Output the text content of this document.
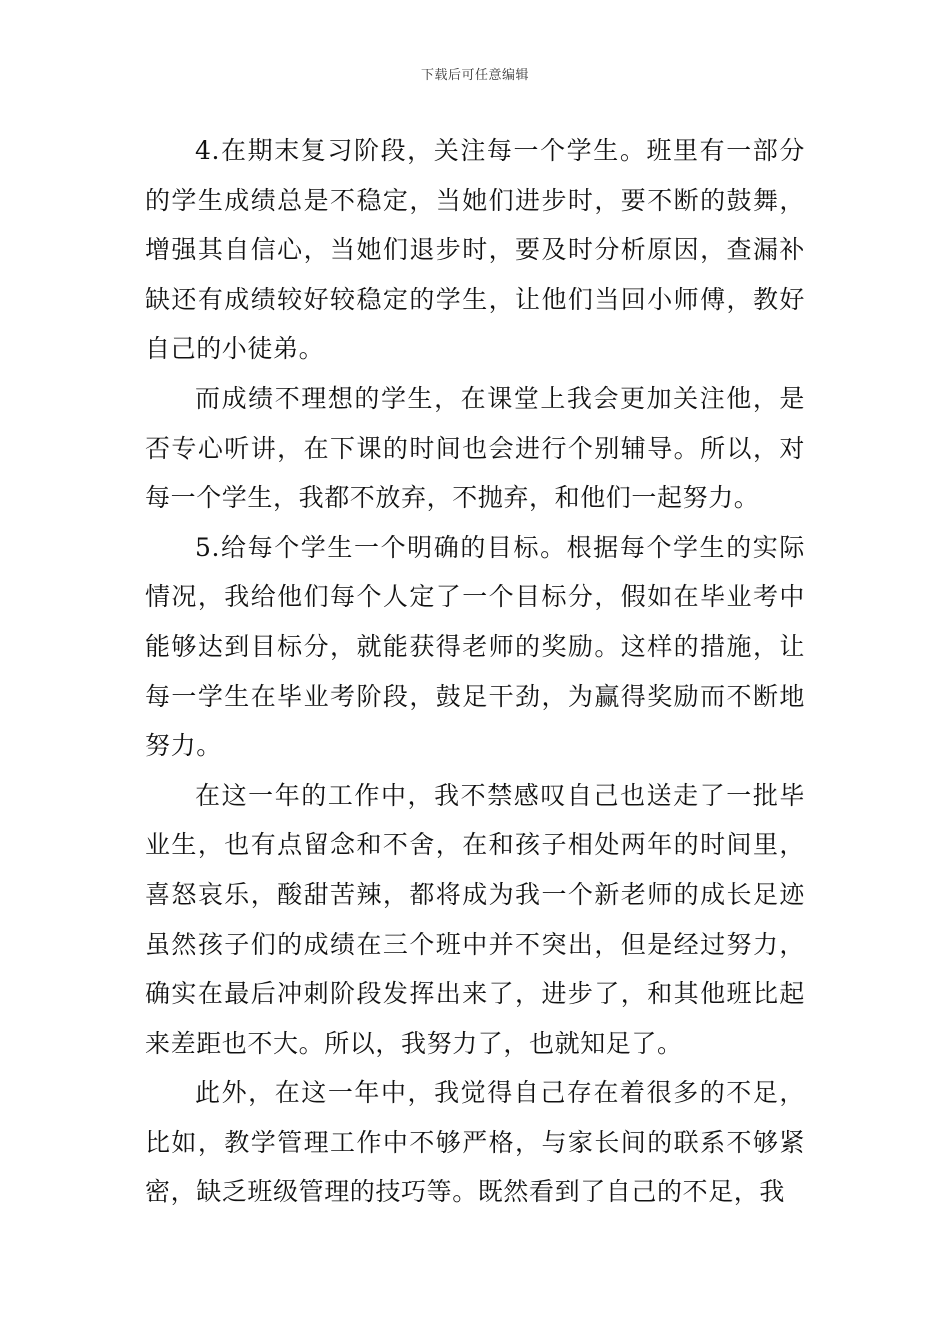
下载后可任意编辑

4.在期末复习阶段，关注每一个学生。班里有一部分的学生成绩总是不稳定，当她们进步时，要不断的鼓舞，增强其自信心，当她们退步时，要及时分析原因，查漏补缺还有成绩较好较稳定的学生，让他们当回小师傅，教好自己的小徒弟。

而成绩不理想的学生，在课堂上我会更加关注他，是否专心听讲，在下课的时间也会进行个别辅导。所以，对每一个学生，我都不放弃，不抛弃，和他们一起努力。

5.给每个学生一个明确的目标。根据每个学生的实际情况，我给他们每个人定了一个目标分，假如在毕业考中能够达到目标分，就能获得老师的奖励。这样的措施，让每一学生在毕业考阶段，鼓足干劲，为赢得奖励而不断地努力。

在这一年的工作中，我不禁感叹自己也送走了一批毕业生，也有点留念和不舍，在和孩子相处两年的时间里，喜怒哀乐，酸甜苦辣，都将成为我一个新老师的成长足迹虽然孩子们的成绩在三个班中并不突出，但是经过努力，确实在最后冲刺阶段发挥出来了，进步了，和其他班比起来差距也不大。所以，我努力了，也就知足了。

此外，在这一年中，我觉得自己存在着很多的不足，比如，教学管理工作中不够严格，与家长间的联系不够紧密，缺乏班级管理的技巧等。既然看到了自己的不足，我
